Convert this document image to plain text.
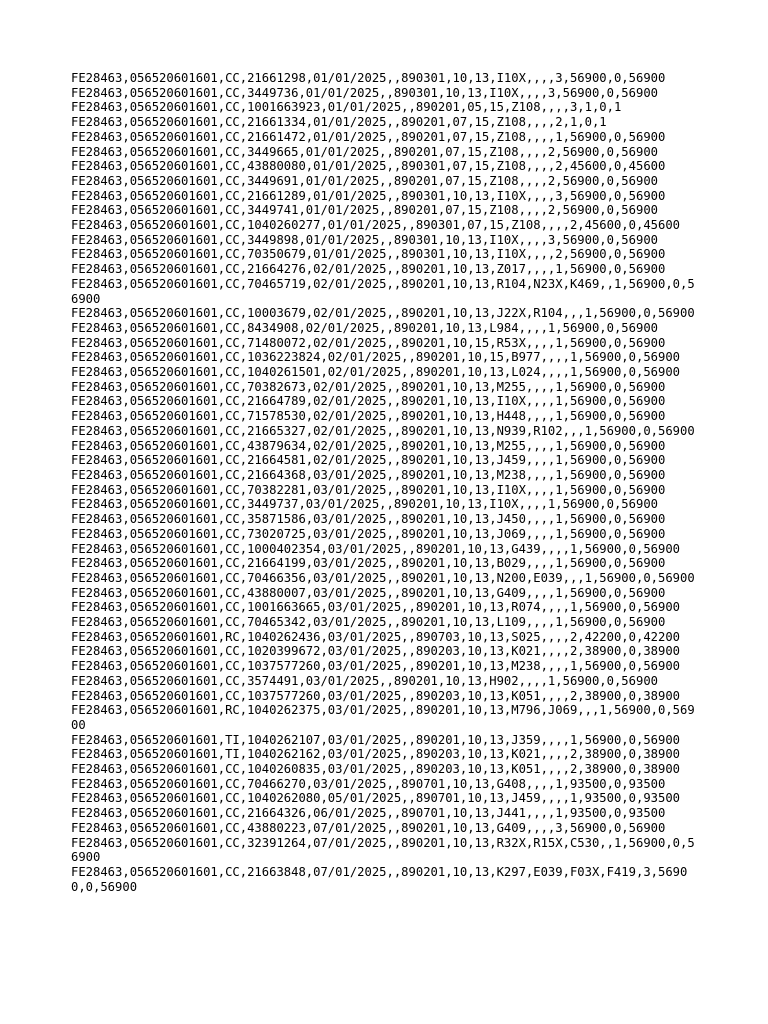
FE28463,056520601601,CC,21661298,01/01/2025,,890301,10,13,I10X,,,,3,56900,0,56900
FE28463,056520601601,CC,3449736,01/01/2025,,890301,10,13,I10X,,,,3,56900,0,56900
FE28463,056520601601,CC,1001663923,01/01/2025,,890201,05,15,Z108,,,,3,1,0,1
FE28463,056520601601,CC,21661334,01/01/2025,,890201,07,15,Z108,,,,2,1,0,1
FE28463,056520601601,CC,21661472,01/01/2025,,890201,07,15,Z108,,,,1,56900,0,56900
FE28463,056520601601,CC,3449665,01/01/2025,,890201,07,15,Z108,,,,2,56900,0,56900
FE28463,056520601601,CC,43880080,01/01/2025,,890301,07,15,Z108,,,,2,45600,0,45600
FE28463,056520601601,CC,3449691,01/01/2025,,890201,07,15,Z108,,,,2,56900,0,56900
FE28463,056520601601,CC,21661289,01/01/2025,,890301,10,13,I10X,,,,3,56900,0,56900
FE28463,056520601601,CC,3449741,01/01/2025,,890201,07,15,Z108,,,,2,56900,0,56900
FE28463,056520601601,CC,1040260277,01/01/2025,,890301,07,15,Z108,,,,2,45600,0,45600
FE28463,056520601601,CC,3449898,01/01/2025,,890301,10,13,I10X,,,,3,56900,0,56900
FE28463,056520601601,CC,70350679,01/01/2025,,890301,10,13,I10X,,,,2,56900,0,56900
FE28463,056520601601,CC,21664276,02/01/2025,,890201,10,13,Z017,,,,1,56900,0,56900
FE28463,056520601601,CC,70465719,02/01/2025,,890201,10,13,R104,N23X,K469,,1,56900,0,56900
FE28463,056520601601,CC,10003679,02/01/2025,,890201,10,13,J22X,R104,,,1,56900,0,56900
FE28463,056520601601,CC,8434908,02/01/2025,,890201,10,13,L984,,,,1,56900,0,56900
FE28463,056520601601,CC,71480072,02/01/2025,,890201,10,15,R53X,,,,1,56900,0,56900
FE28463,056520601601,CC,1036223824,02/01/2025,,890201,10,15,B977,,,,1,56900,0,56900
FE28463,056520601601,CC,1040261501,02/01/2025,,890201,10,13,L024,,,,1,56900,0,56900
FE28463,056520601601,CC,70382673,02/01/2025,,890201,10,13,M255,,,,1,56900,0,56900
FE28463,056520601601,CC,21664789,02/01/2025,,890201,10,13,I10X,,,,1,56900,0,56900
FE28463,056520601601,CC,71578530,02/01/2025,,890201,10,13,H448,,,,1,56900,0,56900
FE28463,056520601601,CC,21665327,02/01/2025,,890201,10,13,N939,R102,,,1,56900,0,56900
FE28463,056520601601,CC,43879634,02/01/2025,,890201,10,13,M255,,,,1,56900,0,56900
FE28463,056520601601,CC,21664581,02/01/2025,,890201,10,13,J459,,,,1,56900,0,56900
FE28463,056520601601,CC,21664368,03/01/2025,,890201,10,13,M238,,,,1,56900,0,56900
FE28463,056520601601,CC,70382281,03/01/2025,,890201,10,13,I10X,,,,1,56900,0,56900
FE28463,056520601601,CC,3449737,03/01/2025,,890201,10,13,I10X,,,,1,56900,0,56900
FE28463,056520601601,CC,35871586,03/01/2025,,890201,10,13,J450,,,,1,56900,0,56900
FE28463,056520601601,CC,73020725,03/01/2025,,890201,10,13,J069,,,,1,56900,0,56900
FE28463,056520601601,CC,1000402354,03/01/2025,,890201,10,13,G439,,,,1,56900,0,56900
FE28463,056520601601,CC,21664199,03/01/2025,,890201,10,13,B029,,,,1,56900,0,56900
FE28463,056520601601,CC,70466356,03/01/2025,,890201,10,13,N200,E039,,,1,56900,0,56900
FE28463,056520601601,CC,43880007,03/01/2025,,890201,10,13,G409,,,,1,56900,0,56900
FE28463,056520601601,CC,1001663665,03/01/2025,,890201,10,13,R074,,,,1,56900,0,56900
FE28463,056520601601,CC,70465342,03/01/2025,,890201,10,13,L109,,,,1,56900,0,56900
FE28463,056520601601,RC,1040262436,03/01/2025,,890703,10,13,S025,,,,2,42200,0,42200
FE28463,056520601601,CC,1020399672,03/01/2025,,890203,10,13,K021,,,,2,38900,0,38900
FE28463,056520601601,CC,1037577260,03/01/2025,,890201,10,13,M238,,,,1,56900,0,56900
FE28463,056520601601,CC,3574491,03/01/2025,,890201,10,13,H902,,,,1,56900,0,56900
FE28463,056520601601,CC,1037577260,03/01/2025,,890203,10,13,K051,,,,2,38900,0,38900
FE28463,056520601601,RC,1040262375,03/01/2025,,890201,10,13,M796,J069,,,1,56900,0,56900
FE28463,056520601601,TI,1040262107,03/01/2025,,890201,10,13,J359,,,,1,56900,0,56900
FE28463,056520601601,TI,1040262162,03/01/2025,,890203,10,13,K021,,,,2,38900,0,38900
FE28463,056520601601,CC,1040260835,03/01/2025,,890203,10,13,K051,,,,2,38900,0,38900
FE28463,056520601601,CC,70466270,03/01/2025,,890701,10,13,G408,,,,1,93500,0,93500
FE28463,056520601601,CC,1040262080,05/01/2025,,890701,10,13,J459,,,,1,93500,0,93500
FE28463,056520601601,CC,21664326,06/01/2025,,890701,10,13,J441,,,,1,93500,0,93500
FE28463,056520601601,CC,43880223,07/01/2025,,890201,10,13,G409,,,,3,56900,0,56900
FE28463,056520601601,CC,32391264,07/01/2025,,890201,10,13,R32X,R15X,C530,,1,56900,0,56900
FE28463,056520601601,CC,21663848,07/01/2025,,890201,10,13,K297,E039,F03X,F419,3,56900,0,56900
